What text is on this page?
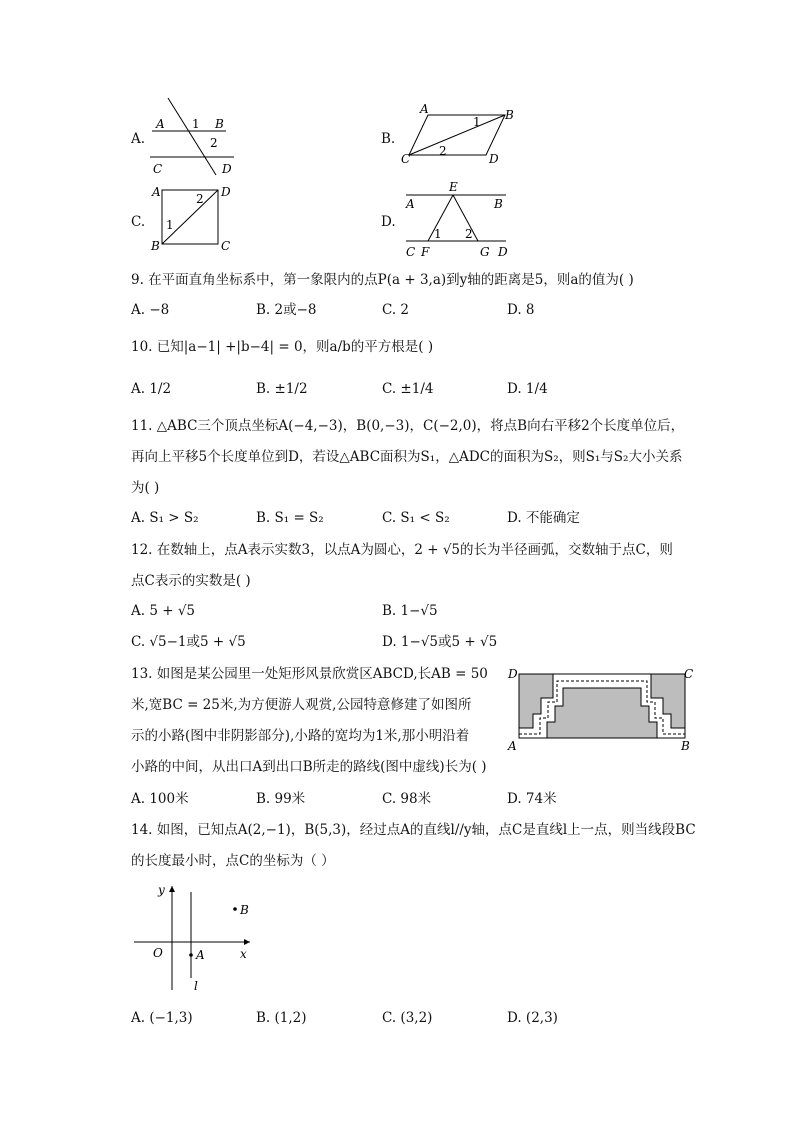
A.
A 1 B
2
C	D
B.
A	B
C	D
1
2
C.
A	D
B	C
2
1	D.
E
A	B
1 2
C F	G D
9. 在平面直角坐标系中，第一象限内的点P(a + 3,a)到y轴的距离是5，则a的值为( )
A. −8	B. 2或−8	C. 2	D. 8
10. 已知|a−1| +|b−4| = 0，则a/b的平方根是( )
A. 1/2	B. ±1/2	C. ±1/4	D. 1/4
11. △ABC三个顶点坐标A(−4,−3)，B(0,−3)，C(−2,0)，将点B向右平移2个长度单位后，
再向上平移5个长度单位到D，若设△ABC面积为S₁，△ADC的面积为S₂，则S₁与S₂大小关系
为( )
A. S₁ > S₂	B. S₁ = S₂	C. S₁ < S₂	D. 不能确定
12. 在数轴上，点A表示实数3，以点A为圆心，2 + √5的长为半径画弧，交数轴于点C，则
点C表示的实数是( )
A. 5 + √5	B. 1−√5
C. √5−1或5 + √5	D. 1−√5或5 + √5
13. 如图是某公园里一处矩形风景欣赏区ABCD,长AB = 50
米,宽BC = 25米,为方便游人观赏,公园特意修建了如图所
示的小路(图中非阴影部分),小路的宽均为1米,那小明沿着
小路的中间，从出口A到出口B所走的路线(图中虚线)长为( )
A. 100米	B. 99米	C. 98米	D. 74米
D	C
A	B
14. 如图，已知点A(2,−1)，B(5,3)，经过点A的直线l//y轴，点C是直线l上一点，则当线段BC
的长度最小时，点C的坐标为（ ）
y
x
O	A
B
l
A. (−1,3)	B. (1,2)	C. (3,2)	D. (2,3)
